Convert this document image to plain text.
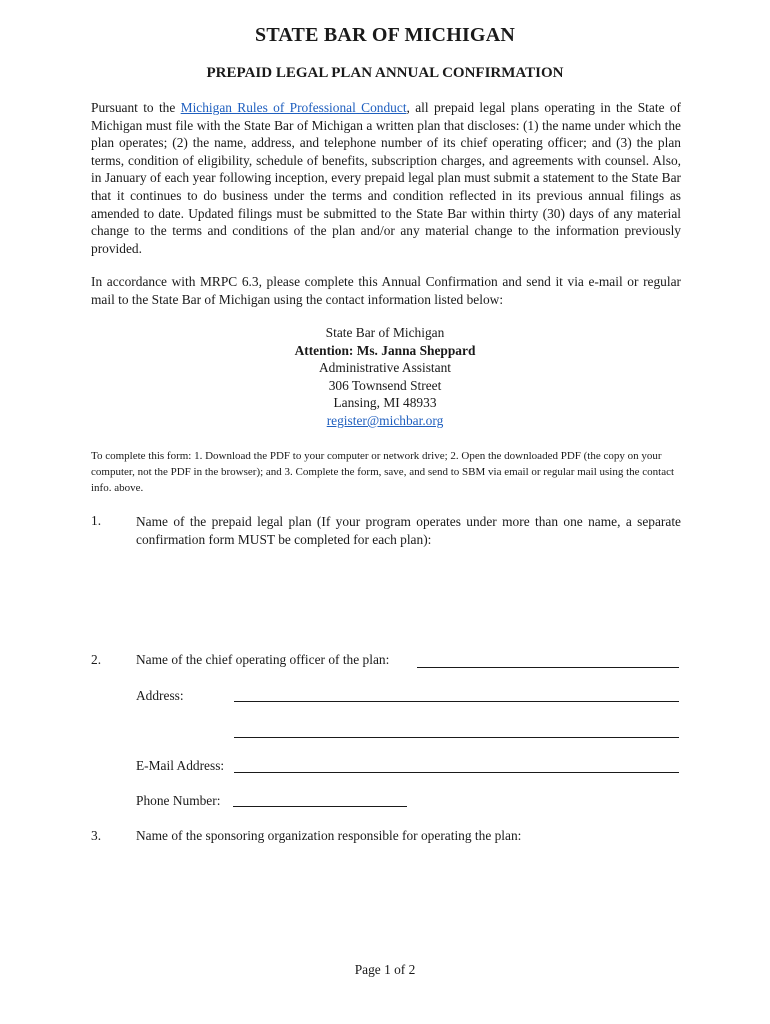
STATE BAR OF MICHIGAN
PREPAID LEGAL PLAN ANNUAL CONFIRMATION
Pursuant to the Michigan Rules of Professional Conduct, all prepaid legal plans operating in the State of Michigan must file with the State Bar of Michigan a written plan that discloses: (1) the name under which the plan operates; (2) the name, address, and telephone number of its chief operating officer; and (3) the plan terms, condition of eligibility, schedule of benefits, subscription charges, and agreements with counsel. Also, in January of each year following inception, every prepaid legal plan must submit a statement to the State Bar that it continues to do business under the terms and condition reflected in its previous annual filings as amended to date. Updated filings must be submitted to the State Bar within thirty (30) days of any material change to the terms and conditions of the plan and/or any material change to the information previously provided.
In accordance with MRPC 6.3, please complete this Annual Confirmation and send it via e-mail or regular mail to the State Bar of Michigan using the contact information listed below:
State Bar of Michigan
Attention: Ms. Janna Sheppard
Administrative Assistant
306 Townsend Street
Lansing, MI 48933
register@michbar.org
To complete this form: 1. Download the PDF to your computer or network drive; 2. Open the downloaded PDF (the copy on your computer, not the PDF in the browser); and 3. Complete the form, save, and send to SBM via email or regular mail using the contact info. above.
1.	Name of the prepaid legal plan (If your program operates under more than one name, a separate confirmation form MUST be completed for each plan):
2.	Name of the chief operating officer of the plan:
Address:
E-Mail Address:
Phone Number:
3.	Name of the sponsoring organization responsible for operating the plan:
Page 1 of 2
